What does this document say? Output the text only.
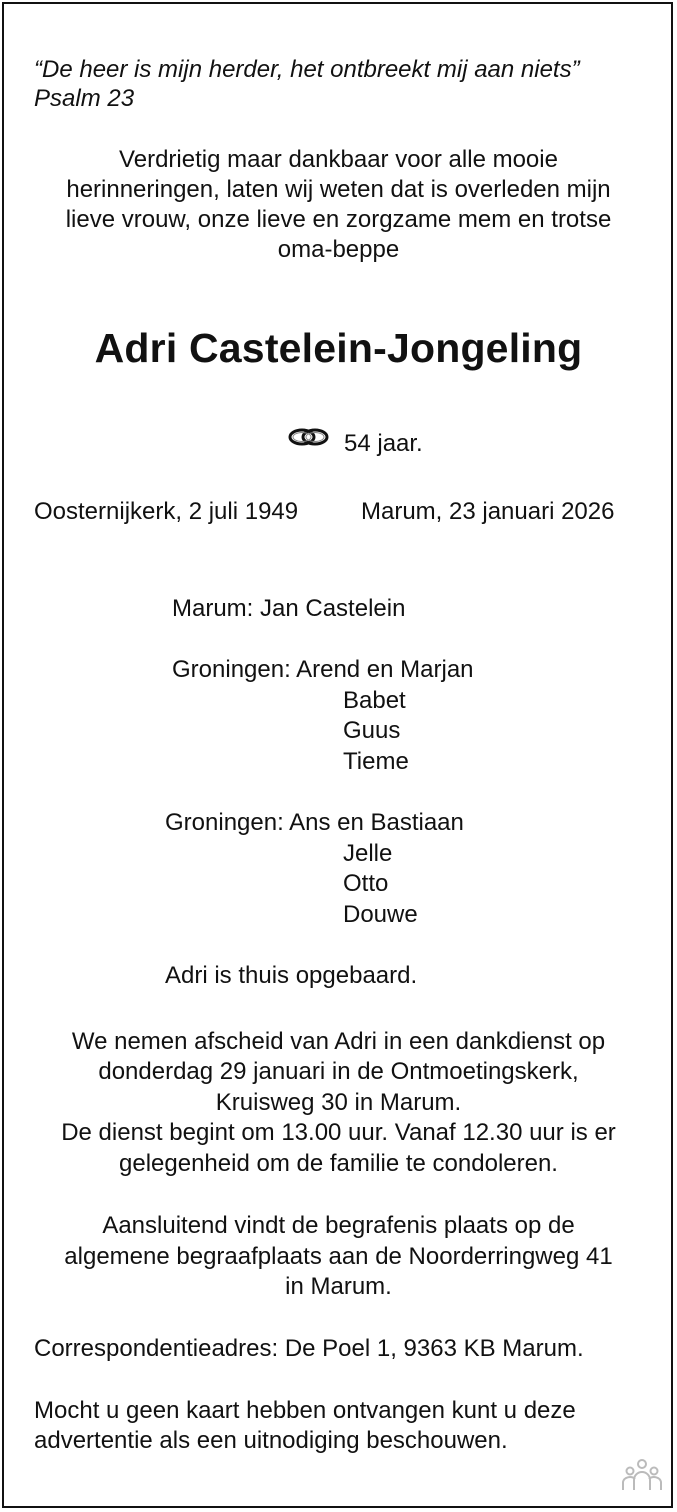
“De heer is mijn herder, het ontbreekt mij aan niets”
Psalm 23
Verdrietig maar dankbaar voor alle mooie
herinneringen, laten wij weten dat is overleden mijn
lieve vrouw, onze lieve en zorgzame mem en trotse
oma-beppe
Adri Castelein-Jongeling
54 jaar.
Oosternijkerk, 2 juli 1949	Marum, 23 januari 2026
Marum: Jan Castelein
Groningen: Arend en Marjan
Babet
Guus
Tieme
Groningen: Ans en Bastiaan
Jelle
Otto
Douwe
Adri is thuis opgebaard.
We nemen afscheid van Adri in een dankdienst op
donderdag 29 januari in de Ontmoetingskerk,
Kruisweg 30 in Marum.
De dienst begint om 13.00 uur. Vanaf 12.30 uur is er
gelegenheid om de familie te condoleren.
Aansluitend vindt de begrafenis plaats op de
algemene begraafplaats aan de Noorderringweg 41
in Marum.
Correspondentieadres: De Poel 1, 9363 KB Marum.
Mocht u geen kaart hebben ontvangen kunt u deze
advertentie als een uitnodiging beschouwen.
